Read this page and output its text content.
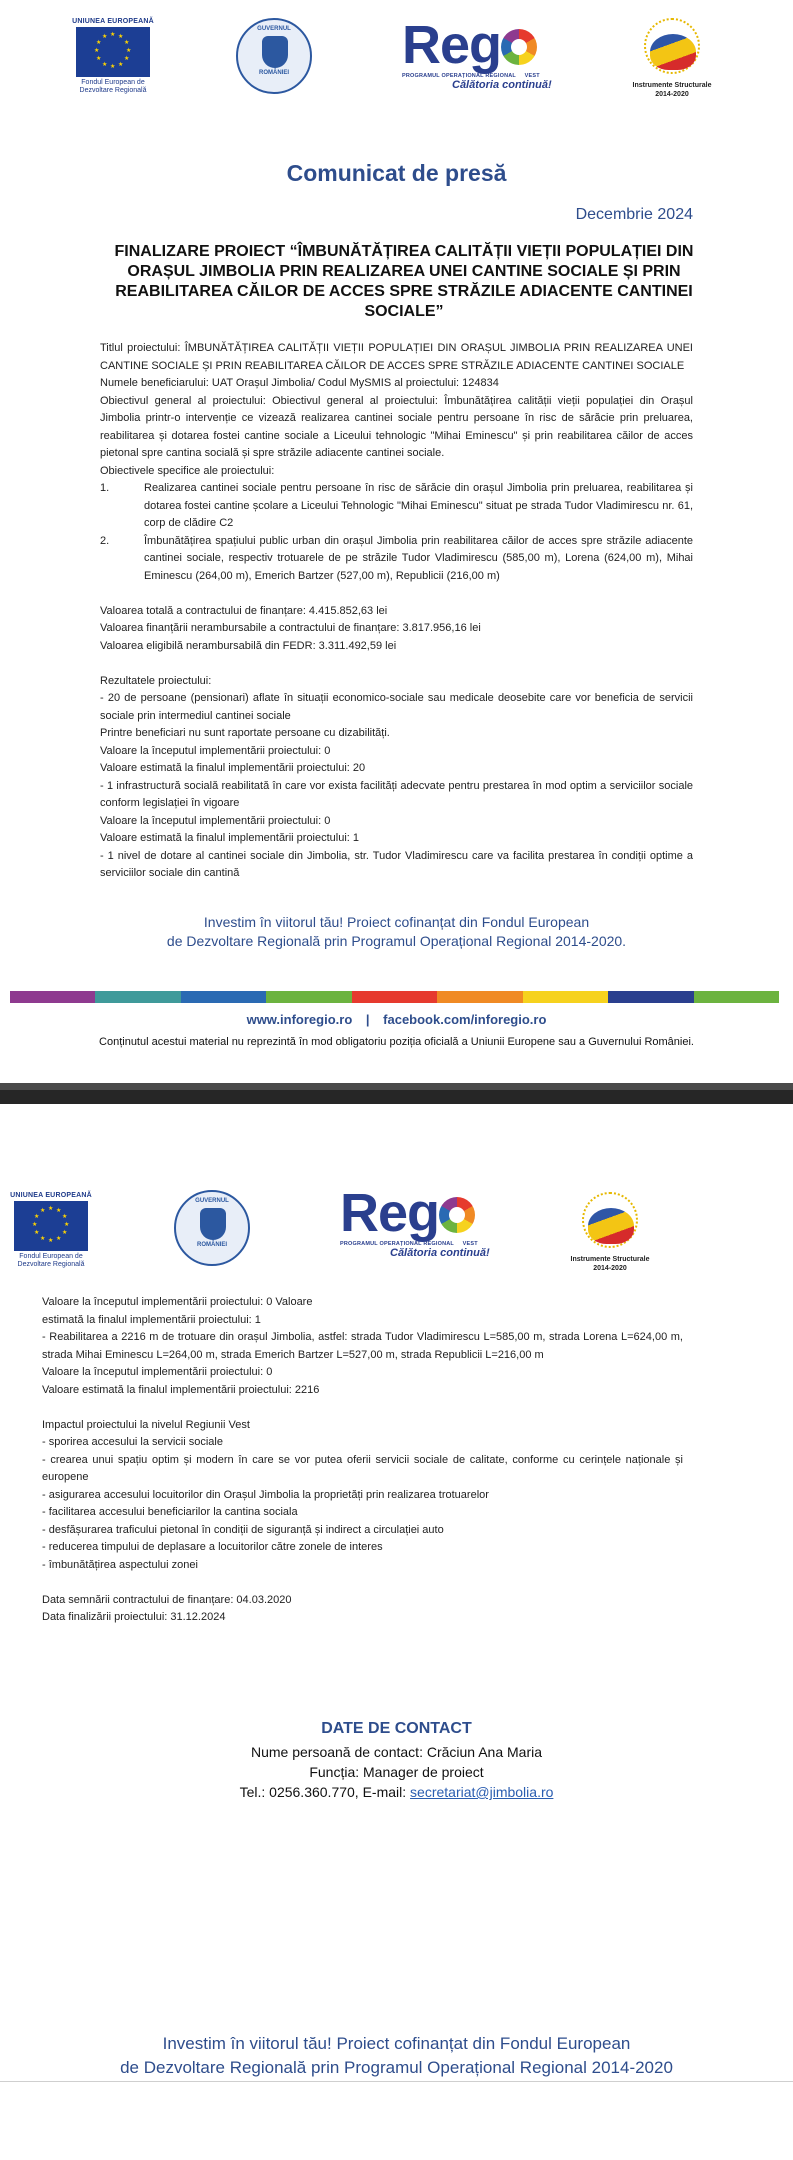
UNIUNEA EUROPEANĂ
★ ★
★
★
★
★
★
★
★
★
★
★
Fondul European de
Dezvoltare Regională
GUVERNUL
ROMÂNIEI	Reg
PROGRAMUL OPERAȚIONAL REGIONAL VEST
Călătoria continuă!	Instrumente Structurale
2014-2020
Comunicat de presă
Decembrie 2024
FINALIZARE PROIECT “ÎMBUNĂTĂȚIREA CALITĂȚII VIEȚII POPULAȚIEI DIN ORAȘUL JIMBOLIA PRIN REALIZAREA UNEI CANTINE SOCIALE ȘI PRIN REABILITAREA CĂILOR DE ACCES SPRE STRĂZILE ADIACENTE CANTINEI SOCIALE”

Titlul proiectului: ÎMBUNĂTĂȚIREA CALITĂȚII VIEȚII POPULAȚIEI DIN ORAȘUL JIMBOLIA PRIN REALIZAREA UNEI CANTINE SOCIALE ȘI PRIN REABILITAREA CĂILOR DE ACCES SPRE STRĂZILE ADIACENTE CANTINEI SOCIALE

Numele beneficiarului: UAT Orașul Jimbolia/ Codul MySMIS al proiectului: 124834

Obiectivul general al proiectului: Obiectivul general al proiectului: Îmbunătățirea calității vieții populației din Orașul Jimbolia printr-o intervenție ce vizează realizarea cantinei sociale pentru persoane în risc de sărăcie prin preluarea, reabilitarea și dotarea fostei cantine sociale a Liceului tehnologic "Mihai Eminescu" și prin reabilitarea căilor de acces pietonal spre cantina socială și spre străzile adiacente cantinei sociale.

Obiectivele specifice ale proiectului:

1.	Realizarea cantinei sociale pentru persoane în risc de sărăcie din orașul Jimbolia prin preluarea, reabilitarea și dotarea fostei cantine școlare a Liceului Tehnologic "Mihai Eminescu" situat pe strada Tudor Vladimirescu nr. 61, corp de clădire C2
2.	Îmbunătățirea spațiului public urban din orașul Jimbolia prin reabilitarea căilor de acces spre străzile adiacente cantinei sociale, respectiv trotuarele de pe străzile Tudor Vladimirescu (585,00 m), Lorena (624,00 m), Mihai Eminescu (264,00 m), Emerich Bartzer (527,00 m), Republicii (216,00 m)

Valoarea totală a contractului de finanțare: 4.415.852,63 lei

Valoarea finanțării nerambursabile a contractului de finanțare: 3.817.956,16 lei

Valoarea eligibilă nerambursabilă din FEDR: 3.311.492,59 lei

Rezultatele proiectului:

- 20 de persoane (pensionari) aflate în situații economico-sociale sau medicale deosebite care vor beneficia de servicii sociale prin intermediul cantinei sociale

Printre beneficiari nu sunt raportate persoane cu dizabilități.

Valoare la începutul implementării proiectului: 0

Valoare estimată la finalul implementării proiectului: 20

- 1 infrastructură socială reabilitată în care vor exista facilități adecvate pentru prestarea în mod optim a serviciilor sociale conform legislației în vigoare

Valoare la începutul implementării proiectului: 0

Valoare estimată la finalul implementării proiectului: 1

- 1 nivel de dotare al cantinei sociale din Jimbolia, str. Tudor Vladimirescu care va facilita prestarea în condiții optime a serviciilor sociale din cantină

Investim în viitorul tău! Proiect cofinanțat din Fondul European
de Dezvoltare Regională prin Programul Operațional Regional 2014-2020.
www.inforegio.ro | facebook.com/inforegio.ro
Conținutul acestui material nu reprezintă în mod obligatoriu poziția oficială a Uniunii Europene sau a Guvernului României.
UNIUNEA EUROPEANĂ
★ ★
★
★
★
★
★
★
★
★
★
★
Fondul European de
Dezvoltare Regională
GUVERNUL
ROMÂNIEI
Reg
PROGRAMUL OPERAȚIONAL REGIONAL VEST
Călătoria continuă!
Instrumente Structurale
2014-2020

Valoare la începutul implementării proiectului: 0 Valoare

estimată la finalul implementării proiectului: 1

- Reabilitarea a 2216 m de trotuare din orașul Jimbolia, astfel: strada Tudor Vladimirescu L=585,00 m, strada Lorena L=624,00 m, strada Mihai Eminescu L=264,00 m, strada Emerich Bartzer L=527,00 m, strada Republicii L=216,00 m

Valoare la începutul implementării proiectului: 0

Valoare estimată la finalul implementării proiectului: 2216

Impactul proiectului la nivelul Regiunii Vest

- sporirea accesului la servicii sociale

- crearea unui spațiu optim și modern în care se vor putea oferii servicii sociale de calitate, conforme cu cerințele naționale și europene

- asigurarea accesului locuitorilor din Orașul Jimbolia la proprietăți prin realizarea trotuarelor

- facilitarea accesului beneficiarilor la cantina sociala

- desfășurarea traficului pietonal în condiții de siguranță și indirect a circulației auto

- reducerea timpului de deplasare a locuitorilor către zonele de interes

- îmbunătățirea aspectului zonei

Data semnării contractului de finanțare: 04.03.2020

Data finalizării proiectului: 31.12.2024

DATE DE CONTACT
Nume persoană de contact: Crăciun Ana Maria
Funcția: Manager de proiect
Tel.: 0256.360.770, E-mail: secretariat@jimbolia.ro
Investim în viitorul tău! Proiect cofinanțat din Fondul European
de Dezvoltare Regională prin Programul Operațional Regional 2014-2020
